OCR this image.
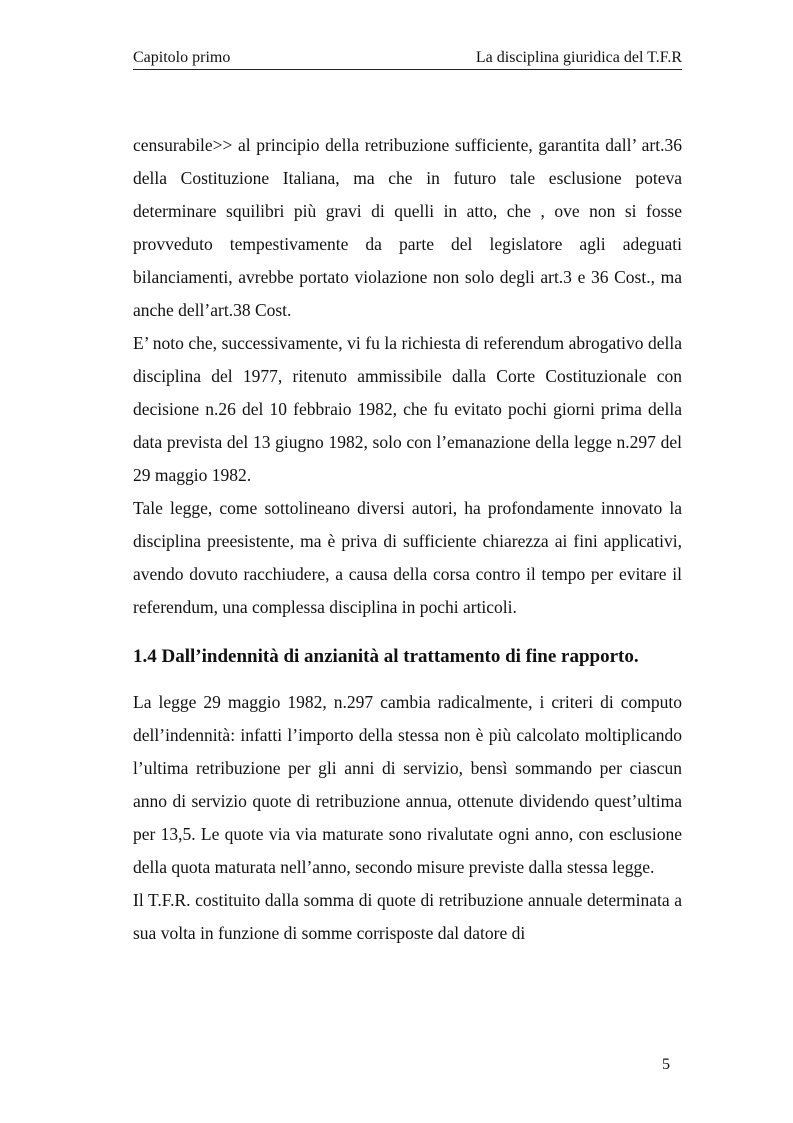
Capitolo primo	La disciplina giuridica del T.F.R

censurabile>> al principio della retribuzione sufficiente, garantita dall’ art.36 della Costituzione Italiana, ma che in futuro tale esclusione poteva determinare squilibri più gravi di quelli in atto, che , ove non si fosse provveduto tempestivamente da parte del legislatore agli adeguati bilanciamenti, avrebbe portato violazione non solo degli art.3 e 36 Cost., ma anche dell’art.38 Cost.

E’ noto che, successivamente, vi fu la richiesta di referendum abrogativo della disciplina del 1977, ritenuto ammissibile dalla Corte Costituzionale con decisione n.26 del 10 febbraio 1982, che fu evitato pochi giorni prima della data prevista del 13 giugno 1982, solo con l’emanazione della legge n.297 del 29 maggio 1982.

Tale legge, come sottolineano diversi autori, ha profondamente innovato la disciplina preesistente, ma è priva di sufficiente chiarezza ai fini applicativi, avendo dovuto racchiudere, a causa della corsa contro il tempo per evitare il referendum, una complessa disciplina in pochi articoli.

1.4 Dall’indennità di anzianità al trattamento di fine rapporto.

La legge 29 maggio 1982, n.297 cambia radicalmente, i criteri di computo dell’indennità: infatti l’importo della stessa non è più calcolato moltiplicando l’ultima retribuzione per gli anni di servizio, bensì sommando per ciascun anno di servizio quote di retribuzione annua, ottenute dividendo quest’ultima per 13,5. Le quote via via maturate sono rivalutate ogni anno, con esclusione della quota maturata nell’anno, secondo misure previste dalla stessa legge.

Il T.F.R. costituito dalla somma di quote di retribuzione annuale determinata a sua volta in funzione di somme corrisposte dal datore di

5
